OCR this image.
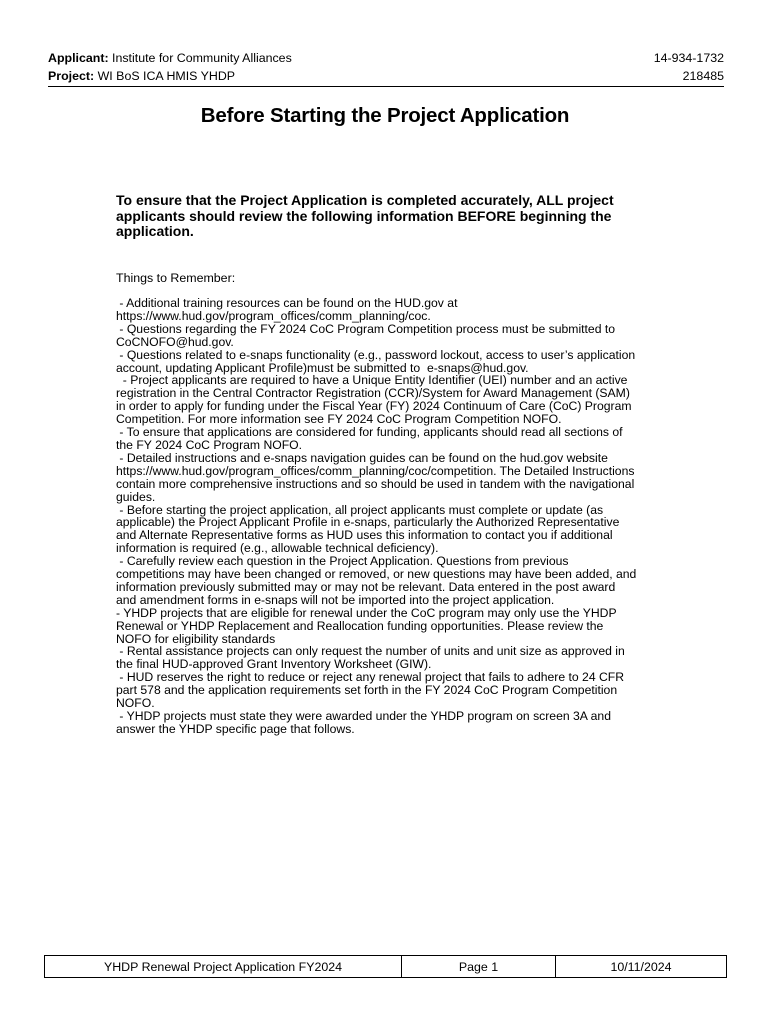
Applicant: Institute for Community Alliances	14-934-1732
Project: WI BoS ICA HMIS YHDP	218485
Before Starting the Project Application
To ensure that the Project Application is completed accurately, ALL project applicants should review the following information BEFORE beginning the application.
Things to Remember:
- Additional training resources can be found on the HUD.gov at
https://www.hud.gov/program_offices/comm_planning/coc.
- Questions regarding the FY 2024 CoC Program Competition process must be submitted to
CoCNOFO@hud.gov.
- Questions related to e-snaps functionality (e.g., password lockout, access to user’s application
account, updating Applicant Profile)must be submitted to  e-snaps@hud.gov.
- Project applicants are required to have a Unique Entity Identifier (UEI) number and an active
registration in the Central Contractor Registration (CCR)/System for Award Management (SAM)
in order to apply for funding under the Fiscal Year (FY) 2024 Continuum of Care (CoC) Program
Competition. For more information see FY 2024 CoC Program Competition NOFO.
- To ensure that applications are considered for funding, applicants should read all sections of
the FY 2024 CoC Program NOFO.
- Detailed instructions and e-snaps navigation guides can be found on the hud.gov website
https://www.hud.gov/program_offices/comm_planning/coc/competition. The Detailed Instructions
contain more comprehensive instructions and so should be used in tandem with the navigational
guides.
- Before starting the project application, all project applicants must complete or update (as
applicable) the Project Applicant Profile in e-snaps, particularly the Authorized Representative
and Alternate Representative forms as HUD uses this information to contact you if additional
information is required (e.g., allowable technical deficiency).
- Carefully review each question in the Project Application. Questions from previous
competitions may have been changed or removed, or new questions may have been added, and
information previously submitted may or may not be relevant. Data entered in the post award
and amendment forms in e-snaps will not be imported into the project application.
- YHDP projects that are eligible for renewal under the CoC program may only use the YHDP
Renewal or YHDP Replacement and Reallocation funding opportunities. Please review the
NOFO for eligibility standards
- Rental assistance projects can only request the number of units and unit size as approved in
the final HUD-approved Grant Inventory Worksheet (GIW).
- HUD reserves the right to reduce or reject any renewal project that fails to adhere to 24 CFR
part 578 and the application requirements set forth in the FY 2024 CoC Program Competition
NOFO.
- YHDP projects must state they were awarded under the YHDP program on screen 3A and
answer the YHDP specific page that follows.
YHDP Renewal Project Application FY2024	Page 1	10/11/2024
